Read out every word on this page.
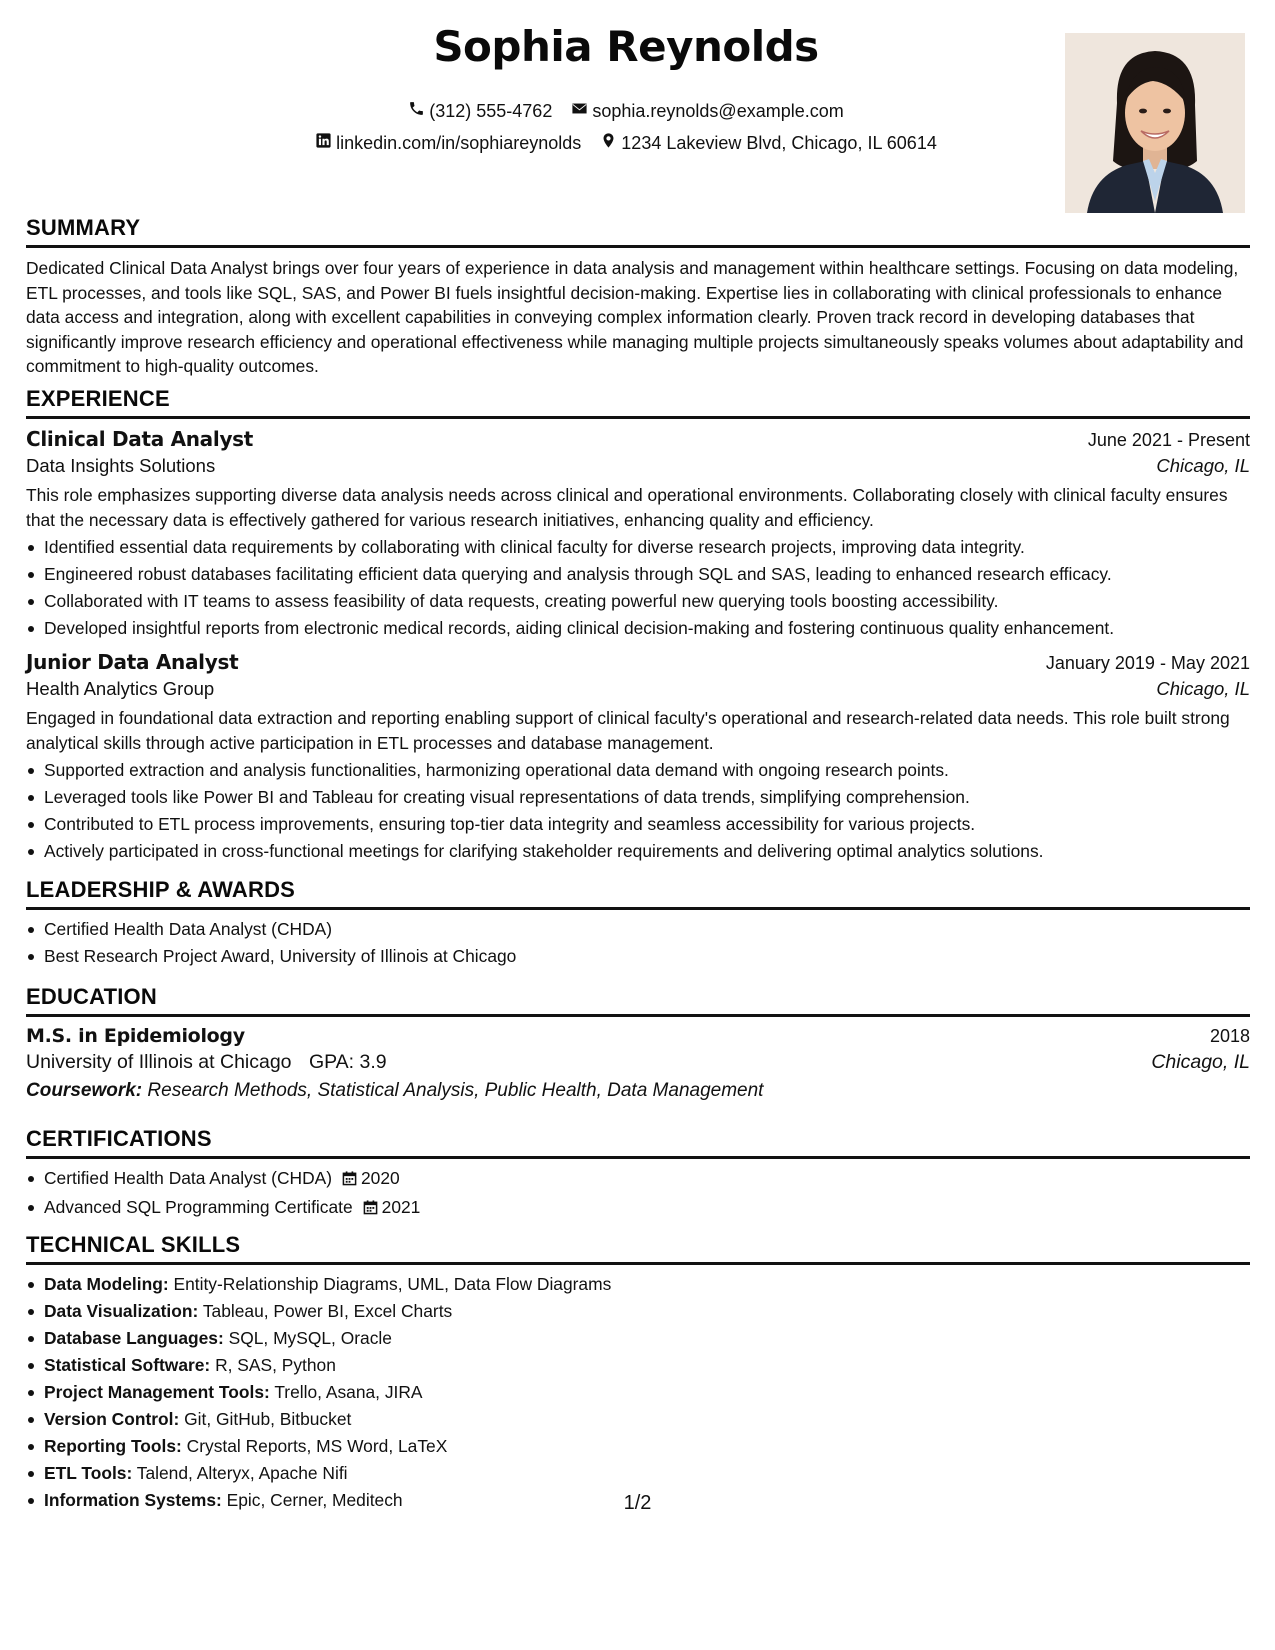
Sophia Reynolds
(312) 555-4762
sophia.reynolds@example.com
linkedin.com/in/sophiareynolds
1234 Lakeview Blvd, Chicago, IL 60614
SUMMARY

Dedicated Clinical Data Analyst brings over four years of experience in data analysis and management within healthcare settings. Focusing on data modeling, ETL processes, and tools like SQL, SAS, and Power BI fuels insightful decision-making. Expertise lies in collaborating with clinical professionals to enhance data access and integration, along with excellent capabilities in conveying complex information clearly. Proven track record in developing databases that significantly improve research efficiency and operational effectiveness while managing multiple projects simultaneously speaks volumes about adaptability and commitment to high-quality outcomes.

EXPERIENCE
Clinical Data Analyst	June 2021 - Present
Data Insights Solutions	Chicago, IL

This role emphasizes supporting diverse data analysis needs across clinical and operational environments. Collaborating closely with clinical faculty ensures that the necessary data is effectively gathered for various research initiatives, enhancing quality and efficiency.

Identified essential data requirements by collaborating with clinical faculty for diverse research projects, improving data integrity.
Engineered robust databases facilitating efficient data querying and analysis through SQL and SAS, leading to enhanced research efficacy.
Collaborated with IT teams to assess feasibility of data requests, creating powerful new querying tools boosting accessibility.
Developed insightful reports from electronic medical records, aiding clinical decision-making and fostering continuous quality enhancement.
Junior Data Analyst	January 2019 - May 2021
Health Analytics Group	Chicago, IL

Engaged in foundational data extraction and reporting enabling support of clinical faculty's operational and research-related data needs. This role built strong analytical skills through active participation in ETL processes and database management.

Supported extraction and analysis functionalities, harmonizing operational data demand with ongoing research points.
Leveraged tools like Power BI and Tableau for creating visual representations of data trends, simplifying comprehension.
Contributed to ETL process improvements, ensuring top-tier data integrity and seamless accessibility for various projects.
Actively participated in cross-functional meetings for clarifying stakeholder requirements and delivering optimal analytics solutions.
LEADERSHIP & AWARDS
Certified Health Data Analyst (CHDA)
Best Research Project Award, University of Illinois at Chicago
EDUCATION
M.S. in Epidemiology	2018
University of Illinois at Chicago GPA: 3.9	Chicago, IL
Coursework: Research Methods, Statistical Analysis, Public Health, Data Management
CERTIFICATIONS
Certified Health Data Analyst (CHDA) 2020
Advanced SQL Programming Certificate 2021
TECHNICAL SKILLS
Data Modeling: Entity-Relationship Diagrams, UML, Data Flow Diagrams
Data Visualization: Tableau, Power BI, Excel Charts
Database Languages: SQL, MySQL, Oracle
Statistical Software: R, SAS, Python
Project Management Tools: Trello, Asana, JIRA
Version Control: Git, GitHub, Bitbucket
Reporting Tools: Crystal Reports, MS Word, LaTeX
ETL Tools: Talend, Alteryx, Apache Nifi
Information Systems: Epic, Cerner, Meditech	1/2
